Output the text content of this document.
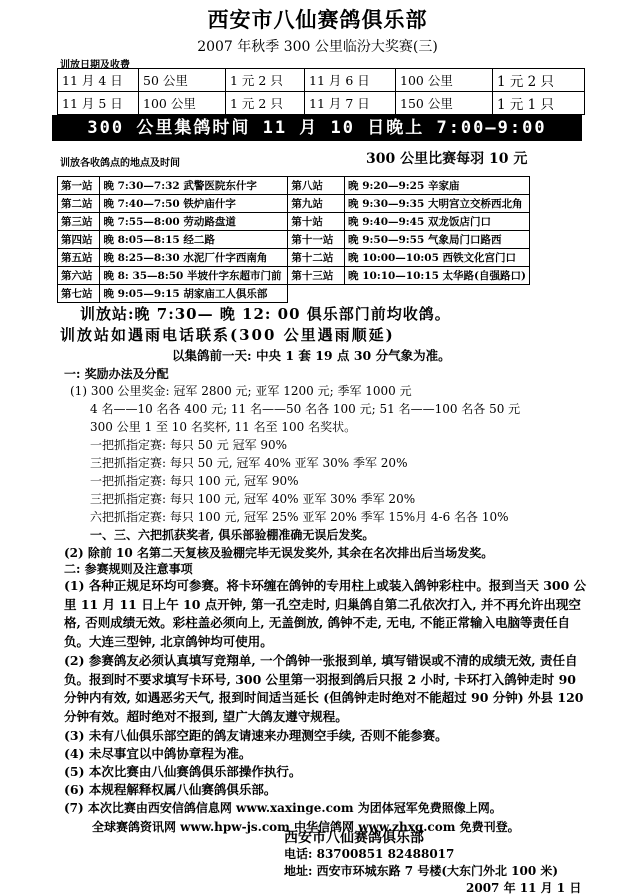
西安市八仙赛鸽俱乐部
2007 年秋季 300 公里临汾大奖赛(三)
训放日期及收费
11 月 4 日	50 公里	1 元 2 只	11 月 6 日	100 公里	1 元 2 只
11 月 5 日	100 公里	1 元 2 只	11 月 7 日	150 公里	1 元 1 只
300 公里集鸽时间 11 月 10 日晚上 7:00—9:00
训放各收鸽点的地点及时间	300 公里比赛每羽 10 元
第一站	晚 7:30—7:32 武警医院东什字	第八站	晚 9:20—9:25 辛家庙
第二站	晚 7:40—7:50 铁炉庙什字	第九站	晚 9:30—9:35 大明宫立交桥西北角
第三站	晚 7:55—8:00 劳动路盘道	第十站	晚 9:40—9:45 双龙饭店门口
第四站	晚 8:05—8:15 经二路	第十一站	晚 9:50—9:55 气象局门口路西
第五站	晚 8:25—8:30 水泥厂什字西南角	第十二站	晚 10:00—10:05 西铁文化宫门口
第六站	晚 8: 35—8:50 半坡什字东超市门前	第十三站	晚 10:10—10:15 太华路(自强路口)
第七站	晚 9:05—9:15 胡家庙工人俱乐部		
训放站:晚 7:30— 晚 12: 00 俱乐部门前均收鸽。
训放站如遇雨电话联系(300 公里遇雨顺延)
以集鸽前一天: 中央 1 套 19 点 30 分气象为准。
一: 奖励办法及分配
(1) 300 公里奖金: 冠军 2800 元; 亚军 1200 元; 季军 1000 元
4 名——10 名各 400 元; 11 名——50 名各 100 元; 51 名——100 名各 50 元
300 公里 1 至 10 名奖杯, 11 名至 100 名奖状。
一把抓指定赛: 每只 50 元 冠军 90%
三把抓指定赛: 每只 50 元, 冠军 40% 亚军 30% 季军 20%
一把抓指定赛: 每只 100 元, 冠军 90%
三把抓指定赛: 每只 100 元, 冠军 40% 亚军 30% 季军 20%
六把抓指定赛: 每只 100 元, 冠军 25% 亚军 20% 季军 15%月 4-6 名各 10%
一、三、六把抓获奖者, 俱乐部验棚准确无误后发奖。
(2) 除前 10 名第二天复核及验棚完毕无误发奖外, 其余在名次排出后当场发奖。
二: 参赛规则及注意事项
(1) 各种正规足环均可参赛。将卡环缠在鸽钟的专用柱上或装入鸽钟彩柱中。报到当天 300 公里 11 月 11 日上午 10 点开钟, 第一孔空走时, 归巢鸽自第二孔依次打入, 并不再允许出现空格, 否则成绩无效。彩柱盖必须向上, 无盖倒放, 鸽钟不走, 无电, 不能正常输入电脑等责任自负。大连三型钟, 北京鸽钟均可使用。
(2) 参赛鸽友必须认真填写竞翔单, 一个鸽钟一张报到单, 填写错误或不清的成绩无效, 责任自负。报到时不要求填写卡环号, 300 公里第一羽报到鸽后只报 2 小时, 卡环打入鸽钟走时 90 分钟内有效, 如遇恶劣天气, 报到时间适当延长 (但鸽钟走时绝对不能超过 90 分钟) 外县 120 分钟有效。超时绝对不报到, 望广大鸽友遵守规程。
(3) 未有八仙俱乐部空距的鸽友请速来办理测空手续, 否则不能参赛。
(4) 未尽事宜以中鸽协章程为准。
(5) 本次比赛由八仙赛鸽俱乐部操作执行。
(6) 本规程解释权属八仙赛鸽俱乐部。
(7) 本次比赛由西安信鸽信息网 www.xaxinge.com 为团体冠军免费照像上网。
全球赛鸽资讯网 www.hpw-js.com 中华信鸽网 www.zhxg.com 免费刊登。
西安市八仙赛鸽俱乐部
电话: 83700851 82488017
地址: 西安市环城东路 7 号楼(大东门外北 100 米)
2007 年 11 月 1 日
